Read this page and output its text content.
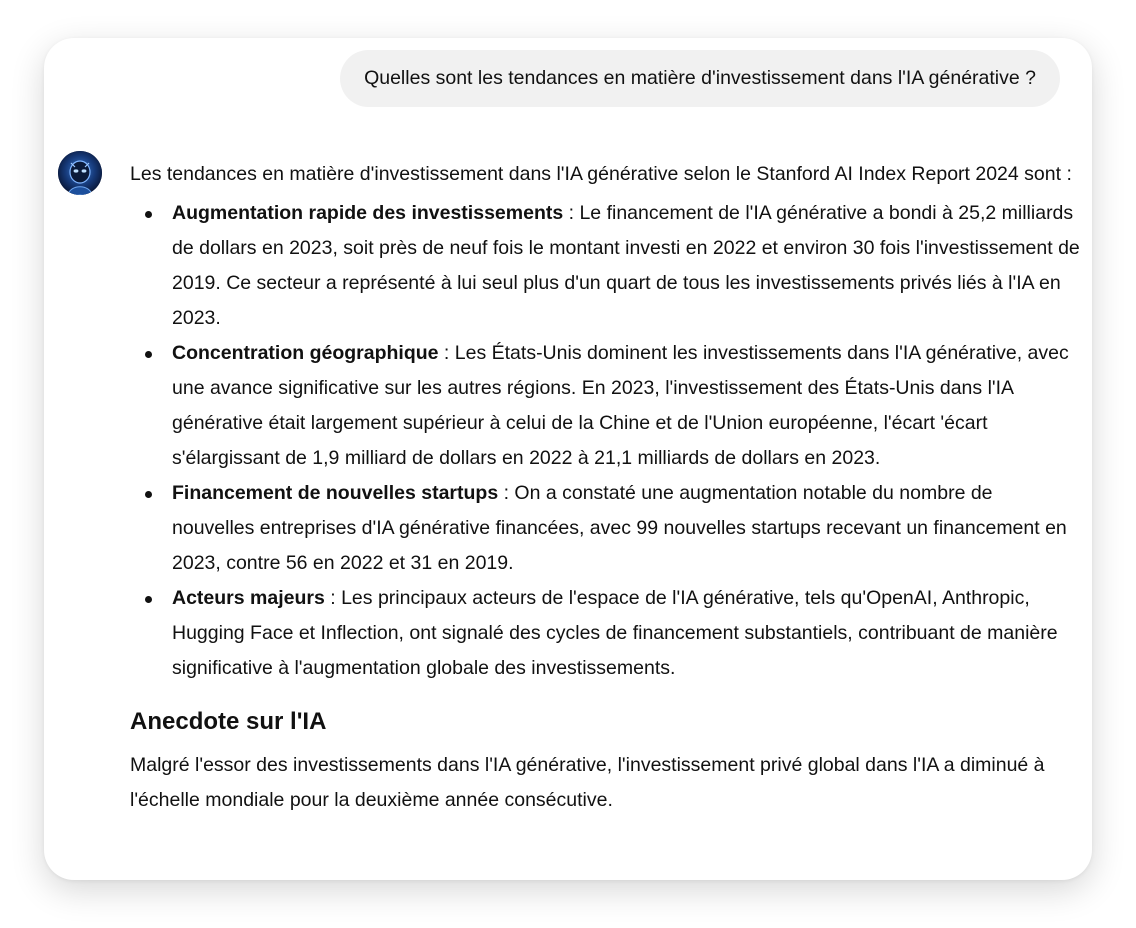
Quelles sont les tendances en matière d'investissement dans l'IA générative ?

Les tendances en matière d'investissement dans l'IA générative selon le Stanford AI Index Report 2024 sont :

Augmentation rapide des investissements : Le financement de l'IA générative a bondi à 25,2 milliards de dollars en 2023, soit près de neuf fois le montant investi en 2022 et environ 30 fois l'investissement de 2019. Ce secteur a représenté à lui seul plus d'un quart de tous les investissements privés liés à l'IA en 2023.
Concentration géographique : Les États-Unis dominent les investissements dans l'IA générative, avec une avance significative sur les autres régions. En 2023, l'investissement des États-Unis dans l'IA générative était largement supérieur à celui de la Chine et de l'Union européenne, l'écart 'écart s'élargissant de 1,9 milliard de dollars en 2022 à 21,1 milliards de dollars en 2023.
Financement de nouvelles startups : On a constaté une augmentation notable du nombre de nouvelles entreprises d'IA générative financées, avec 99 nouvelles startups recevant un financement en 2023, contre 56 en 2022 et 31 en 2019.
Acteurs majeurs : Les principaux acteurs de l'espace de l'IA générative, tels qu'OpenAI, Anthropic, Hugging Face et Inflection, ont signalé des cycles de financement substantiels, contribuant de manière significative à l'augmentation globale des investissements.
Anecdote sur l'IA

Malgré l'essor des investissements dans l'IA générative, l'investissement privé global dans l'IA a diminué à l'échelle mondiale pour la deuxième année consécutive.
